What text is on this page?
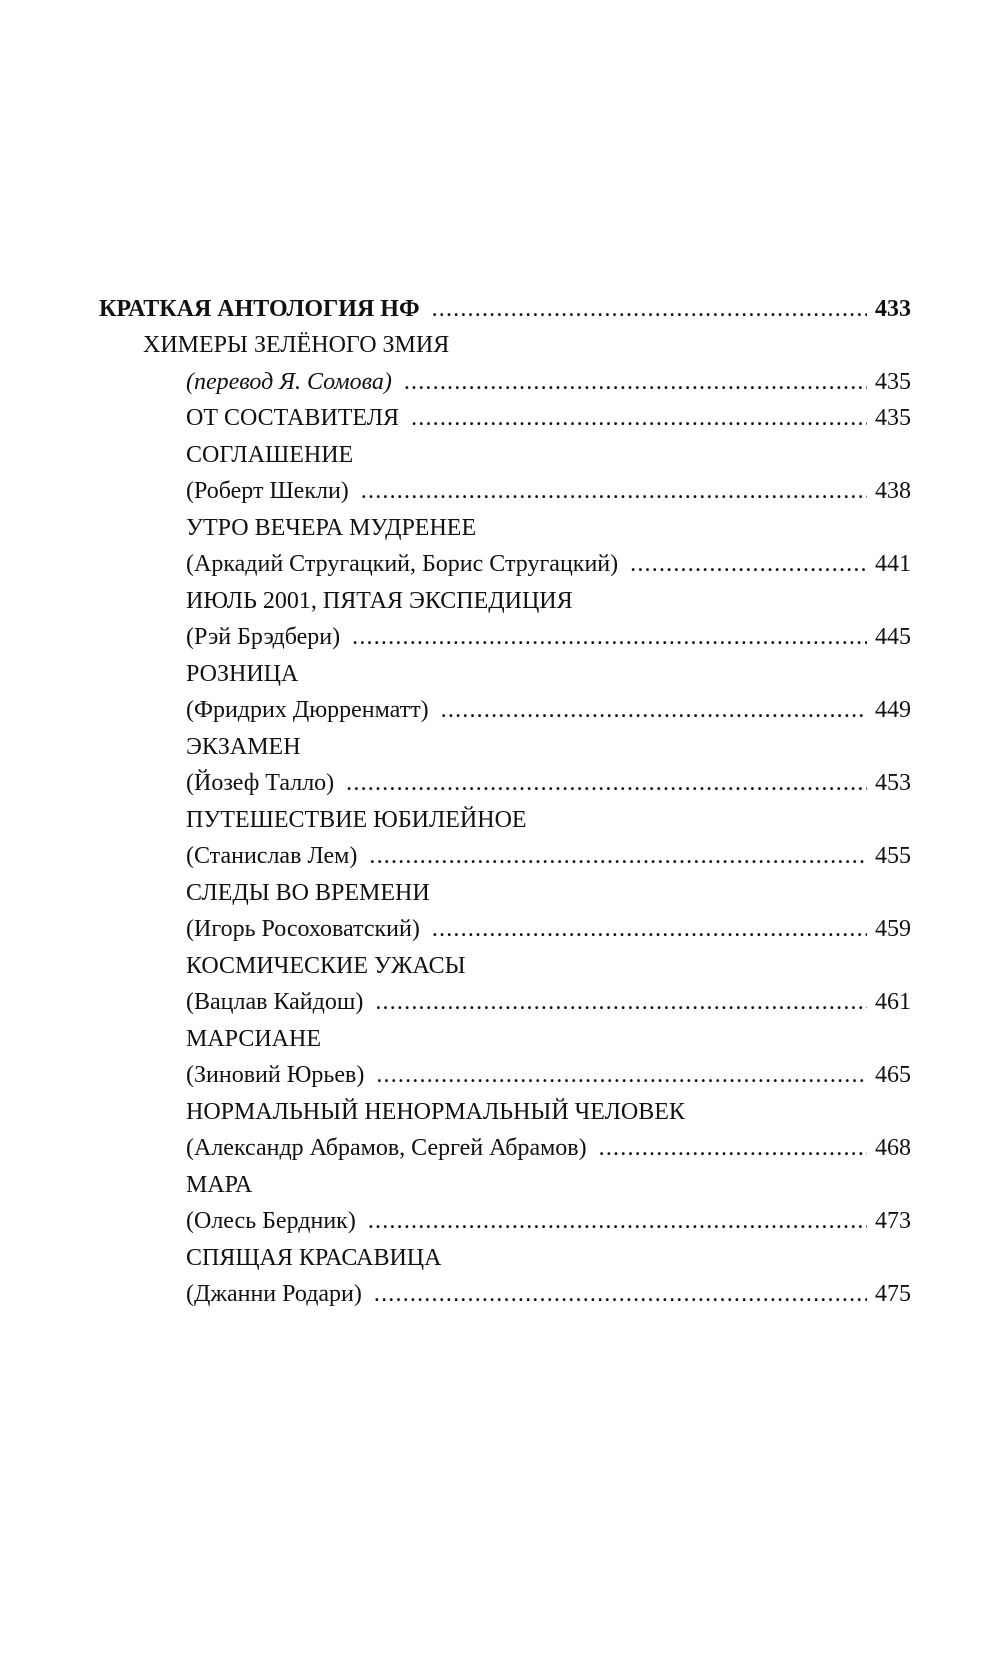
КРАТКАЯ АНТОЛОГИЯ НФ .....	433
ХИМЕРЫ ЗЕЛЁНОГО ЗМИЯ
(перевод Я. Сомова) .....	435
ОТ СОСТАВИТЕЛЯ .....	435
СОГЛАШЕНИЕ
(Роберт Шекли) .....	438
УТРО ВЕЧЕРА МУДРЕНЕЕ
(Аркадий Стругацкий, Борис Стругацкий) .....	441
ИЮЛЬ 2001, ПЯТАЯ ЭКСПЕДИЦИЯ
(Рэй Брэдбери) .....	445
РОЗНИЦА
(Фридрих Дюрренматт) .....	449
ЭКЗАМЕН
(Йозеф Талло) .....	453
ПУТЕШЕСТВИЕ ЮБИЛЕЙНОЕ
(Станислав Лем) .....	455
СЛЕДЫ ВО ВРЕМЕНИ
(Игорь Росоховатский) .....	459
КОСМИЧЕСКИЕ УЖАСЫ
(Вацлав Кайдош) .....	461
МАРСИАНЕ
(Зиновий Юрьев) .....	465
НОРМАЛЬНЫЙ НЕНОРМАЛЬНЫЙ ЧЕЛОВЕК
(Александр Абрамов, Сергей Абрамов) .....	468
МАРА
(Олесь Бердник) .....	473
СПЯЩАЯ КРАСАВИЦА
(Джанни Родари) .....	475
